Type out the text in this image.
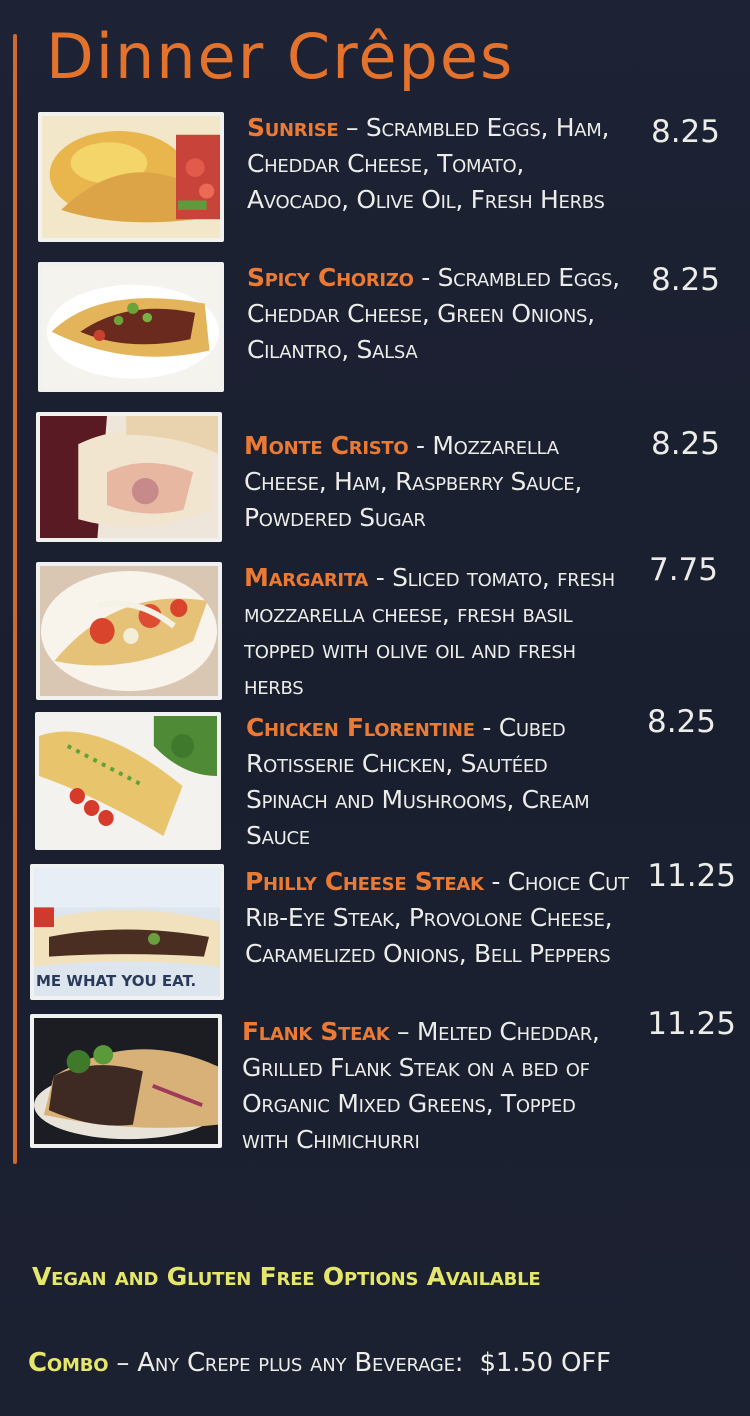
Dinner Crêpes
Sunrise – Scrambled Eggs, Ham, Cheddar Cheese, Tomato, Avocado, Olive Oil, Fresh Herbs
8.25
Spicy Chorizo - Scrambled Eggs, Cheddar Cheese, Green Onions, Cilantro, Salsa
8.25
Monte Cristo - Mozzarella Cheese, Ham, Raspberry Sauce, Powdered Sugar
8.25
Margarita - Sliced tomato, fresh mozzarella cheese, fresh basil topped with olive oil and fresh herbs
7.75
Chicken Florentine - Cubed Rotisserie Chicken, Sautéed Spinach and Mushrooms, Cream Sauce
8.25
ME WHAT YOU EAT.
Philly Cheese Steak - Choice Cut Rib-Eye Steak, Provolone Cheese, Caramelized Onions, Bell Peppers
11.25
Flank Steak – Melted Cheddar, Grilled Flank Steak on a bed of Organic Mixed Greens, Topped with Chimichurri
11.25
Vegan and Gluten Free Options Available
Combo – Any Crepe plus any Beverage:  $1.50 OFF
